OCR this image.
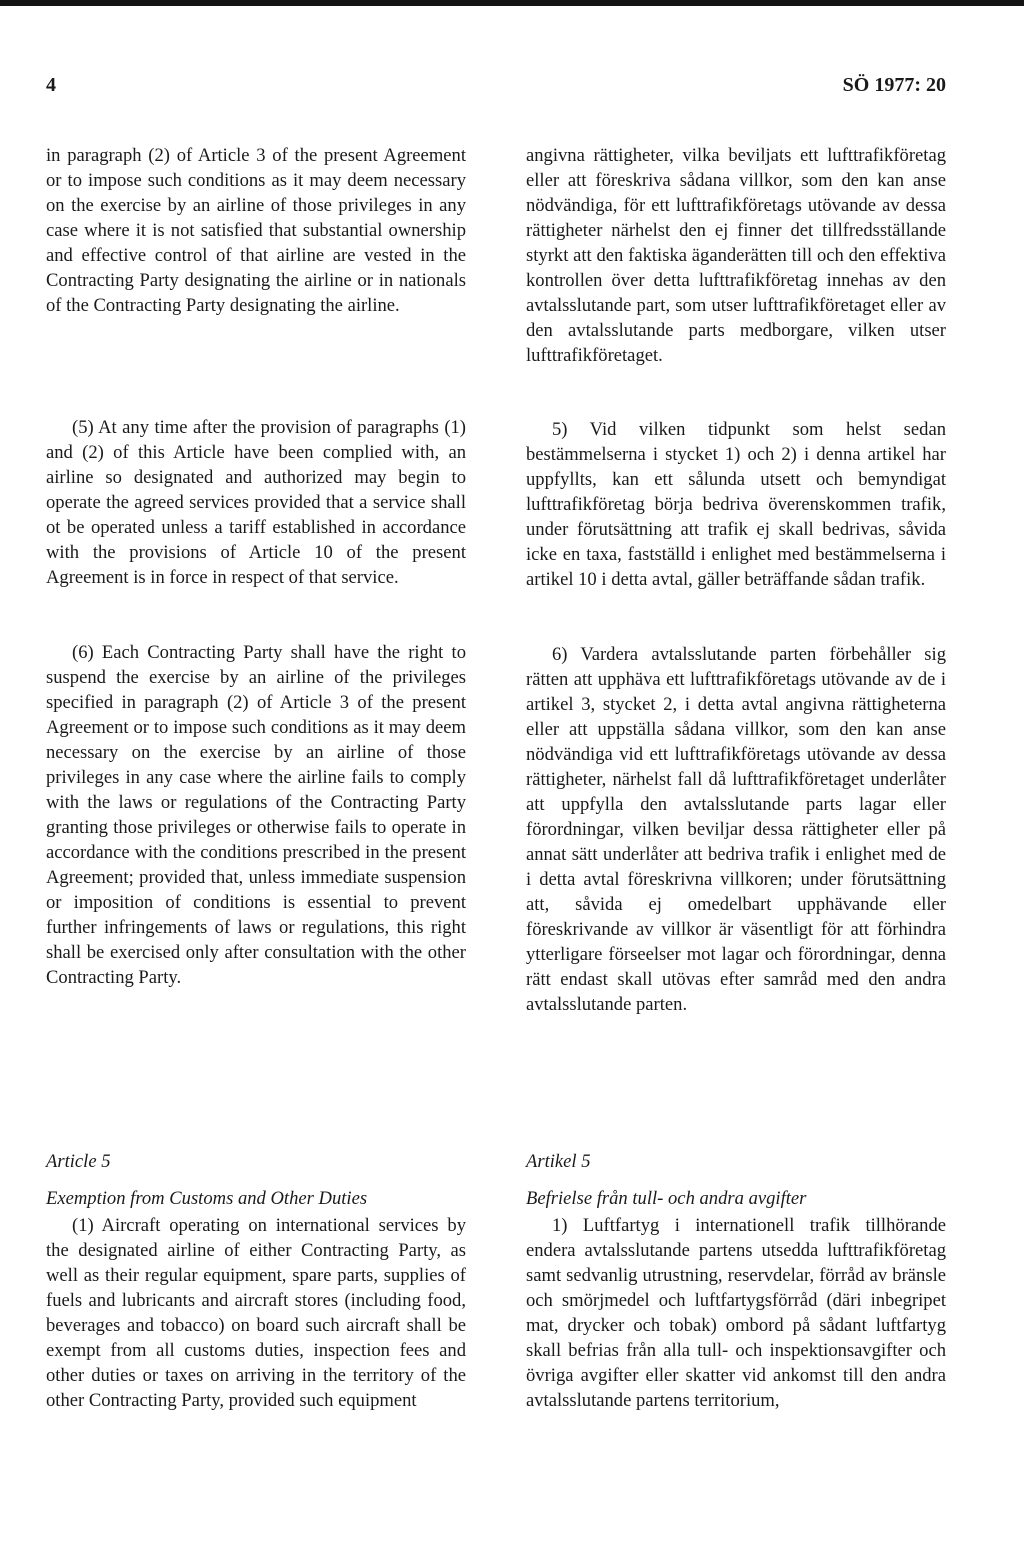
4	SÖ 1977: 20

in paragraph (2) of Article 3 of the present Agreement or to impose such conditions as it may deem necessary on the exercise by an airline of those privileges in any case where it is not satisfied that substantial ownership and effective control of that airline are vested in the Contracting Party designating the airline or in nationals of the Contracting Party designating the airline.

(5) At any time after the provision of paragraphs (1) and (2) of this Article have been complied with, an airline so designated and authorized may begin to operate the agreed services provided that a service shall ot be operated unless a tariff established in accordance with the provisions of Article 10 of the present Agreement is in force in respect of that service.

(6) Each Contracting Party shall have the right to suspend the exercise by an airline of the privileges specified in paragraph (2) of Article 3 of the present Agreement or to impose such conditions as it may deem necessary on the exercise by an airline of those privileges in any case where the airline fails to comply with the laws or regulations of the Contracting Party granting those privileges or otherwise fails to operate in accordance with the conditions prescribed in the present Agreement; provided that, unless immediate suspension or imposition of conditions is essential to prevent further infringements of laws or regulations, this right shall be exercised only after consultation with the other Contracting Party.

Article 5

Exemption from Customs and Other Duties

(1) Aircraft operating on international services by the designated airline of either Contracting Party, as well as their regular equipment, spare parts, supplies of fuels and lubricants and aircraft stores (including food, beverages and tobacco) on board such aircraft shall be exempt from all customs duties, inspection fees and other duties or taxes on arriving in the territory of the other Contracting Party, provided such equipment

angivna rättigheter, vilka beviljats ett lufttrafikföretag eller att föreskriva sådana villkor, som den kan anse nödvändiga, för ett lufttrafikföretags utövande av dessa rättigheter närhelst den ej finner det tillfredsställande styrkt att den faktiska äganderätten till och den effektiva kontrollen över detta lufttrafikföretag innehas av den avtalsslutande part, som utser lufttrafikföretaget eller av den avtalsslutande parts medborgare, vilken utser lufttrafikföretaget.

5) Vid vilken tidpunkt som helst sedan bestämmelserna i stycket 1) och 2) i denna artikel har uppfyllts, kan ett sålunda utsett och bemyndigat lufttrafikföretag börja bedriva överenskommen trafik, under förutsättning att trafik ej skall bedrivas, såvida icke en taxa, fastställd i enlighet med bestämmelserna i artikel 10 i detta avtal, gäller beträffande sådan trafik.

6) Vardera avtalsslutande parten förbehåller sig rätten att upphäva ett lufttrafikföretags utövande av de i artikel 3, stycket 2, i detta avtal angivna rättigheterna eller att uppställa sådana villkor, som den kan anse nödvändiga vid ett lufttrafikföretags utövande av dessa rättigheter, närhelst fall då lufttrafikföretaget underlåter att uppfylla den avtalsslutande parts lagar eller förordningar, vilken beviljar dessa rättigheter eller på annat sätt underlåter att bedriva trafik i enlighet med de i detta avtal föreskrivna villkoren; under förutsättning att, såvida ej omedelbart upphävande eller föreskrivande av villkor är väsentligt för att förhindra ytterligare förseelser mot lagar och förordningar, denna rätt endast skall utövas efter samråd med den andra avtalsslutande parten.

Artikel 5

Befrielse från tull- och andra avgifter

1) Luftfartyg i internationell trafik tillhörande endera avtalsslutande partens utsedda lufttrafikföretag samt sedvanlig utrustning, reservdelar, förråd av bränsle och smörjmedel och luftfartygsförråd (däri inbegripet mat, drycker och tobak) ombord på sådant luftfartyg skall befrias från alla tull- och inspektionsavgifter och övriga avgifter eller skatter vid ankomst till den andra avtalsslutande partens territorium,
